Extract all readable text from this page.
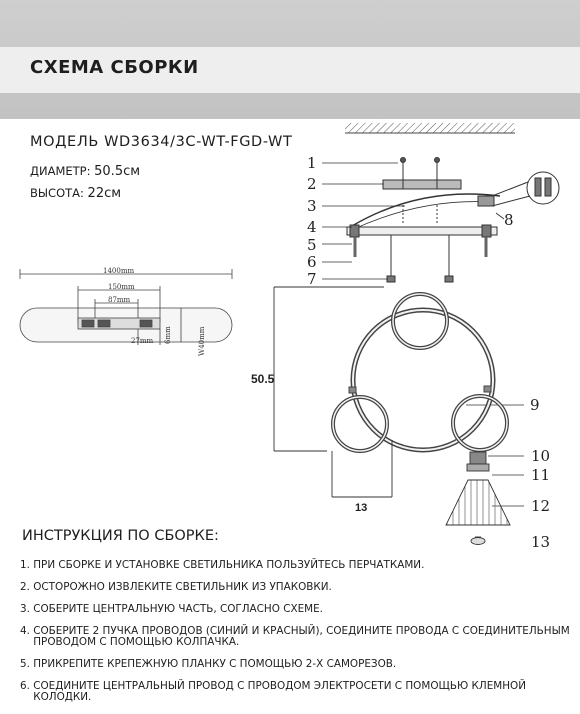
СХЕМА СБОРКИ
МОДЕЛЬ WD3634/3C-WT-FGD-WT
ДИАМЕТР: 50.5см
ВЫСОТА: 22см
1400mm
150mm
87mm
27mm 6mm	W40mm
50.5
13
1
2
3
4
5
6
7
8
9
10
11
12
13
ИНСТРУКЦИЯ ПО СБОРКЕ:
1. ПРИ СБОРКЕ И УСТАНОВКЕ СВЕТИЛЬНИКА ПОЛЬЗУЙТЕСЬ ПЕРЧАТКАМИ.
2. ОСТОРОЖНО ИЗВЛЕКИТЕ СВЕТИЛЬНИК ИЗ УПАКОВКИ.
3. СОБЕРИТЕ ЦЕНТРАЛЬНУЮ ЧАСТЬ, СОГЛАСНО СХЕМЕ.
4. СОБЕРИТЕ 2 ПУЧКА ПРОВОДОВ (СИНИЙ И КРАСНЫЙ), СОЕДИНИТЕ ПРОВОДА С СОЕДИНИТЕЛЬНЫМ ПРОВОДОМ С ПОМОЩЬЮ КОЛПАЧКА.
5. ПРИКРЕПИТЕ КРЕПЕЖНУЮ ПЛАНКУ С ПОМОЩЬЮ 2-Х САМОРЕЗОВ.
6. СОЕДИНИТЕ ЦЕНТРАЛЬНЫЙ ПРОВОД С ПРОВОДОМ ЭЛЕКТРОСЕТИ С ПОМОЩЬЮ КЛЕМНОЙ КОЛОДКИ.
